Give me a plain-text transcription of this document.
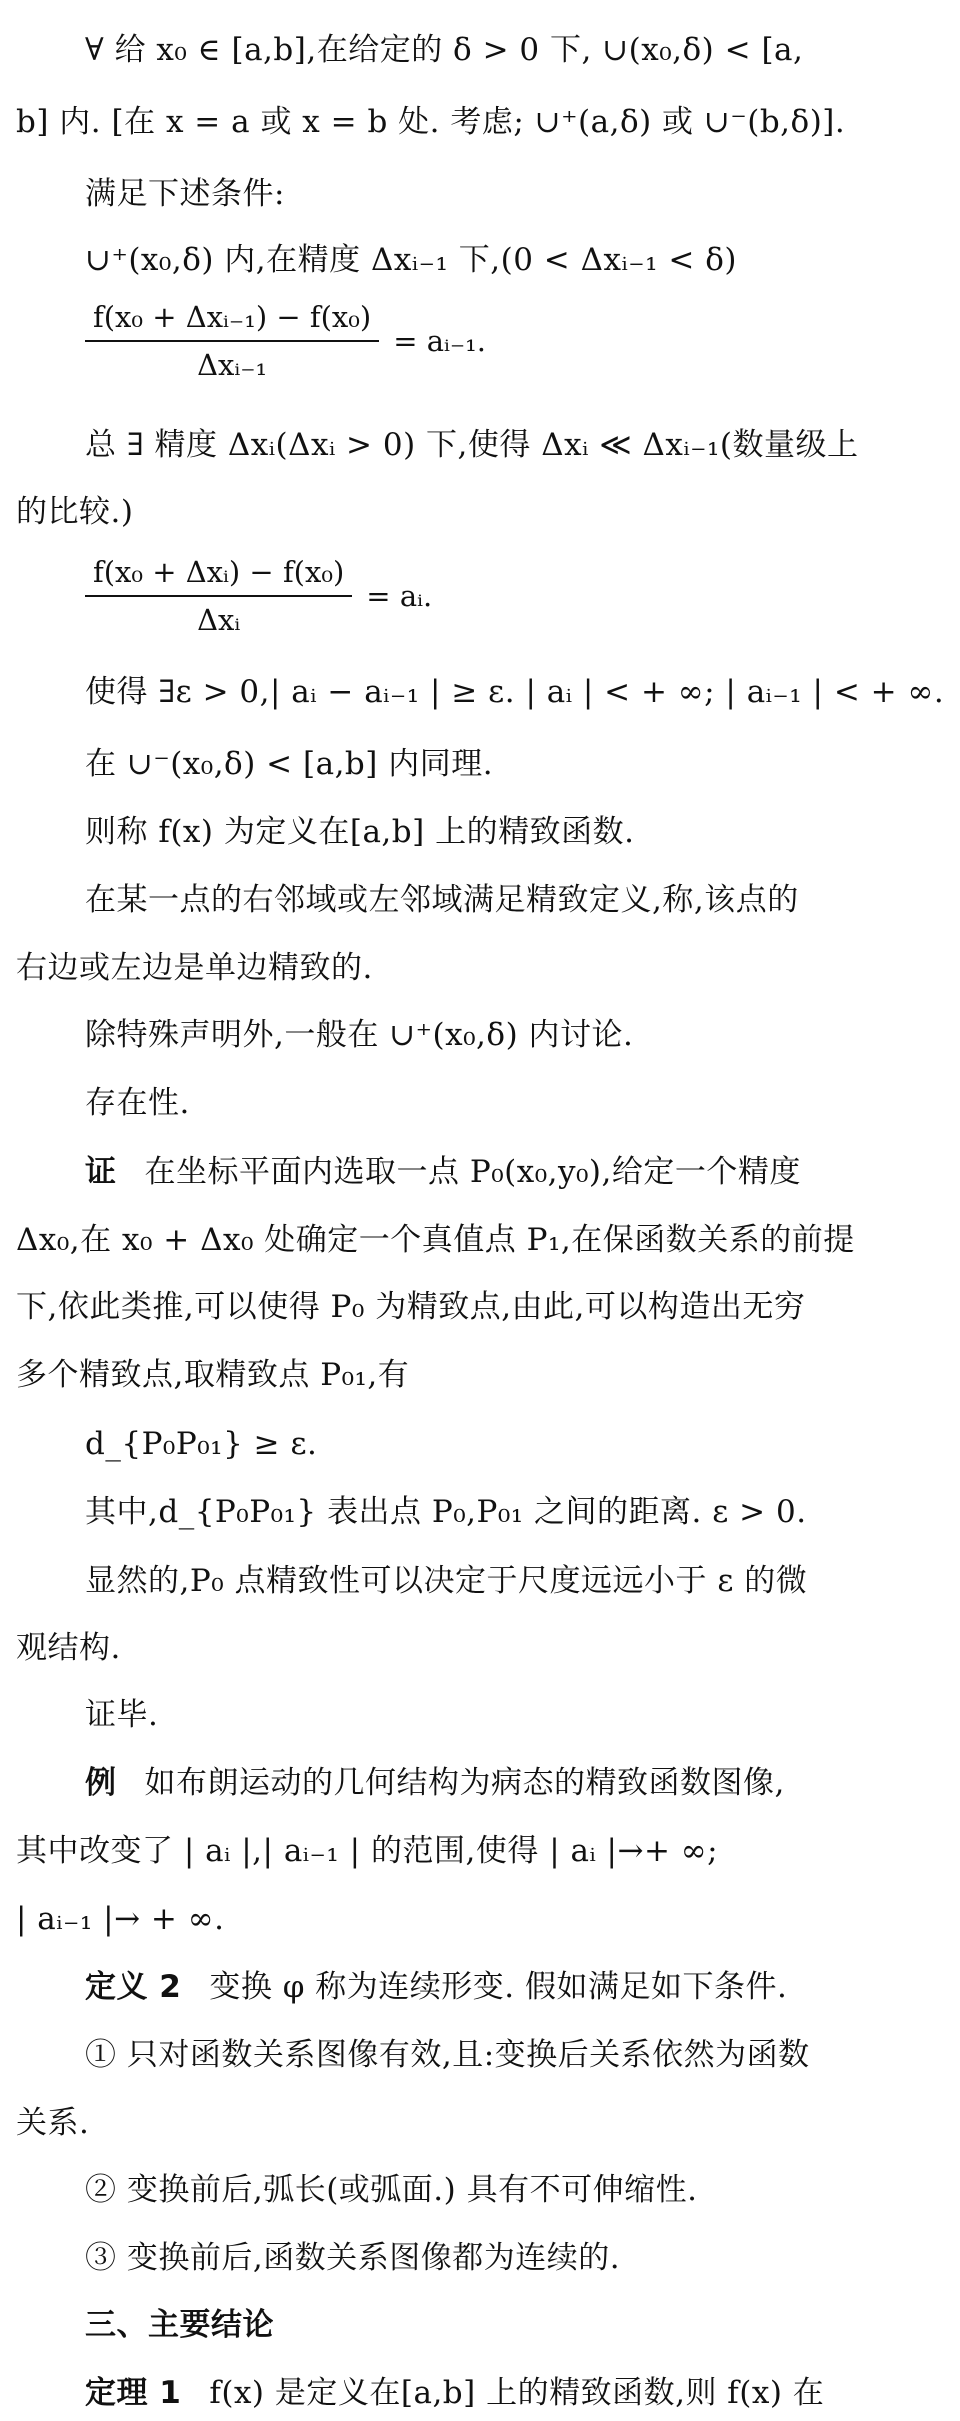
∀ 给 x₀ ∈ [a,b],在给定的 δ > 0 下, ∪(x₀,δ) < [a,
b] 内. [在 x = a 或 x = b 处. 考虑; ∪⁺(a,δ) 或 ∪⁻(b,δ)].
满足下述条件:
∪⁺(x₀,δ) 内,在精度 Δxᵢ₋₁ 下,(0 < Δxᵢ₋₁ < δ)
总 ∃ 精度 Δxᵢ(Δxᵢ > 0) 下,使得 Δxᵢ ≪ Δxᵢ₋₁(数量级上
的比较.)
使得 ∃ε > 0,| aᵢ − aᵢ₋₁ | ≥ ε. | aᵢ | < + ∞; | aᵢ₋₁ | < + ∞.
在 ∪⁻(x₀,δ) < [a,b] 内同理.
则称 f(x) 为定义在[a,b] 上的精致函数.
在某一点的右邻域或左邻域满足精致定义,称,该点的
右边或左边是单边精致的.
除特殊声明外,一般在 ∪⁺(x₀,δ) 内讨论.
存在性.
证 在坐标平面内选取一点 P₀(x₀,y₀),给定一个精度
Δx₀,在 x₀ + Δx₀ 处确定一个真值点 P₁,在保函数关系的前提
下,依此类推,可以使得 P₀ 为精致点,由此,可以构造出无穷
多个精致点,取精致点 P₀₁,有
d_{P₀P₀₁} ≥ ε.
其中,d_{P₀P₀₁} 表出点 P₀,P₀₁ 之间的距离. ε > 0.
显然的,P₀ 点精致性可以决定于尺度远远小于 ε 的微
观结构.
证毕.
例 如布朗运动的几何结构为病态的精致函数图像,
其中改变了 | aᵢ |,| aᵢ₋₁ | 的范围,使得 | aᵢ |→+ ∞;
| aᵢ₋₁ |→ + ∞.
定义 2 变换 φ 称为连续形变. 假如满足如下条件.
① 只对函数关系图像有效,且:变换后关系依然为函数
关系.
② 变换前后,弧长(或弧面.) 具有不可伸缩性.
③ 变换前后,函数关系图像都为连续的.
三、主要结论
定理 1 f(x) 是定义在[a,b] 上的精致函数,则 f(x) 在
$\frac{\text{f(x₀ + Δxᵢ₋₁) − f(x₀)}}{\text{Δxᵢ₋₁}}$ = aᵢ₋₁.
$\frac{\text{f(x₀ + Δxᵢ) − f(x₀)}}{\text{Δxᵢ}}$ = aᵢ.
